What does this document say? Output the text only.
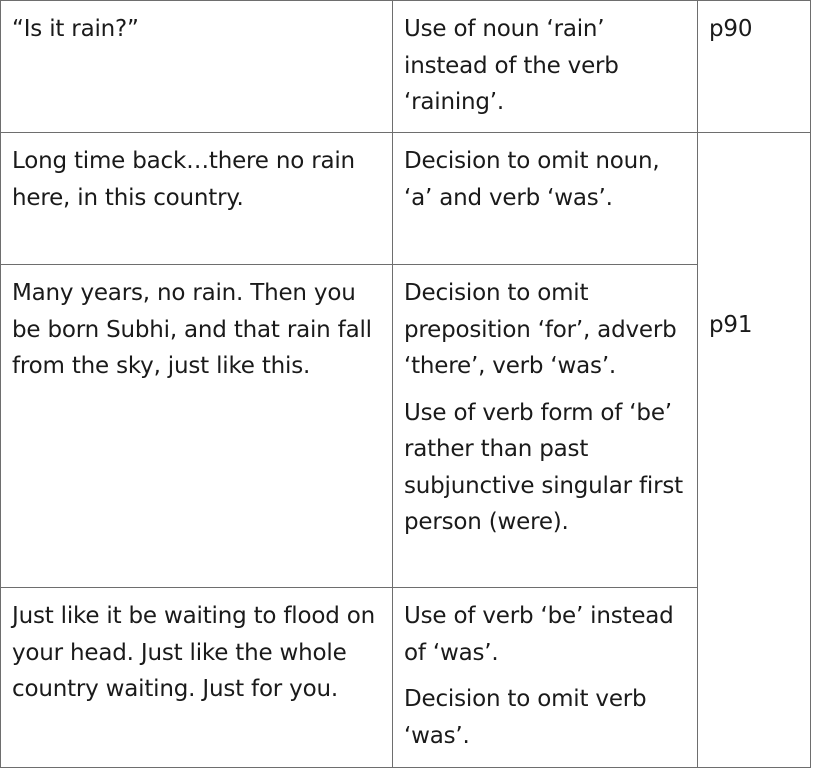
“Is it rain?”	Use of noun ‘rain’ instead of the verb ‘raining’.	p90
Long time back…there no rain here, in this country.	Decision to omit noun, ‘a’ and verb ‘was’.	p91
Many years, no rain. Then you be born Subhi, and that rain fall from the sky, just like this.	Decision to omit preposition ‘for’, adverb ‘there’, verb ‘was’.
Use of verb form of ‘be’ rather than past subjunctive singular first person (were).	

Just like it be waiting to flood on your head. Just like the whole country waiting. Just for you.	Use of verb ‘be’ instead of ‘was’.
Decision to omit verb ‘was’.	
